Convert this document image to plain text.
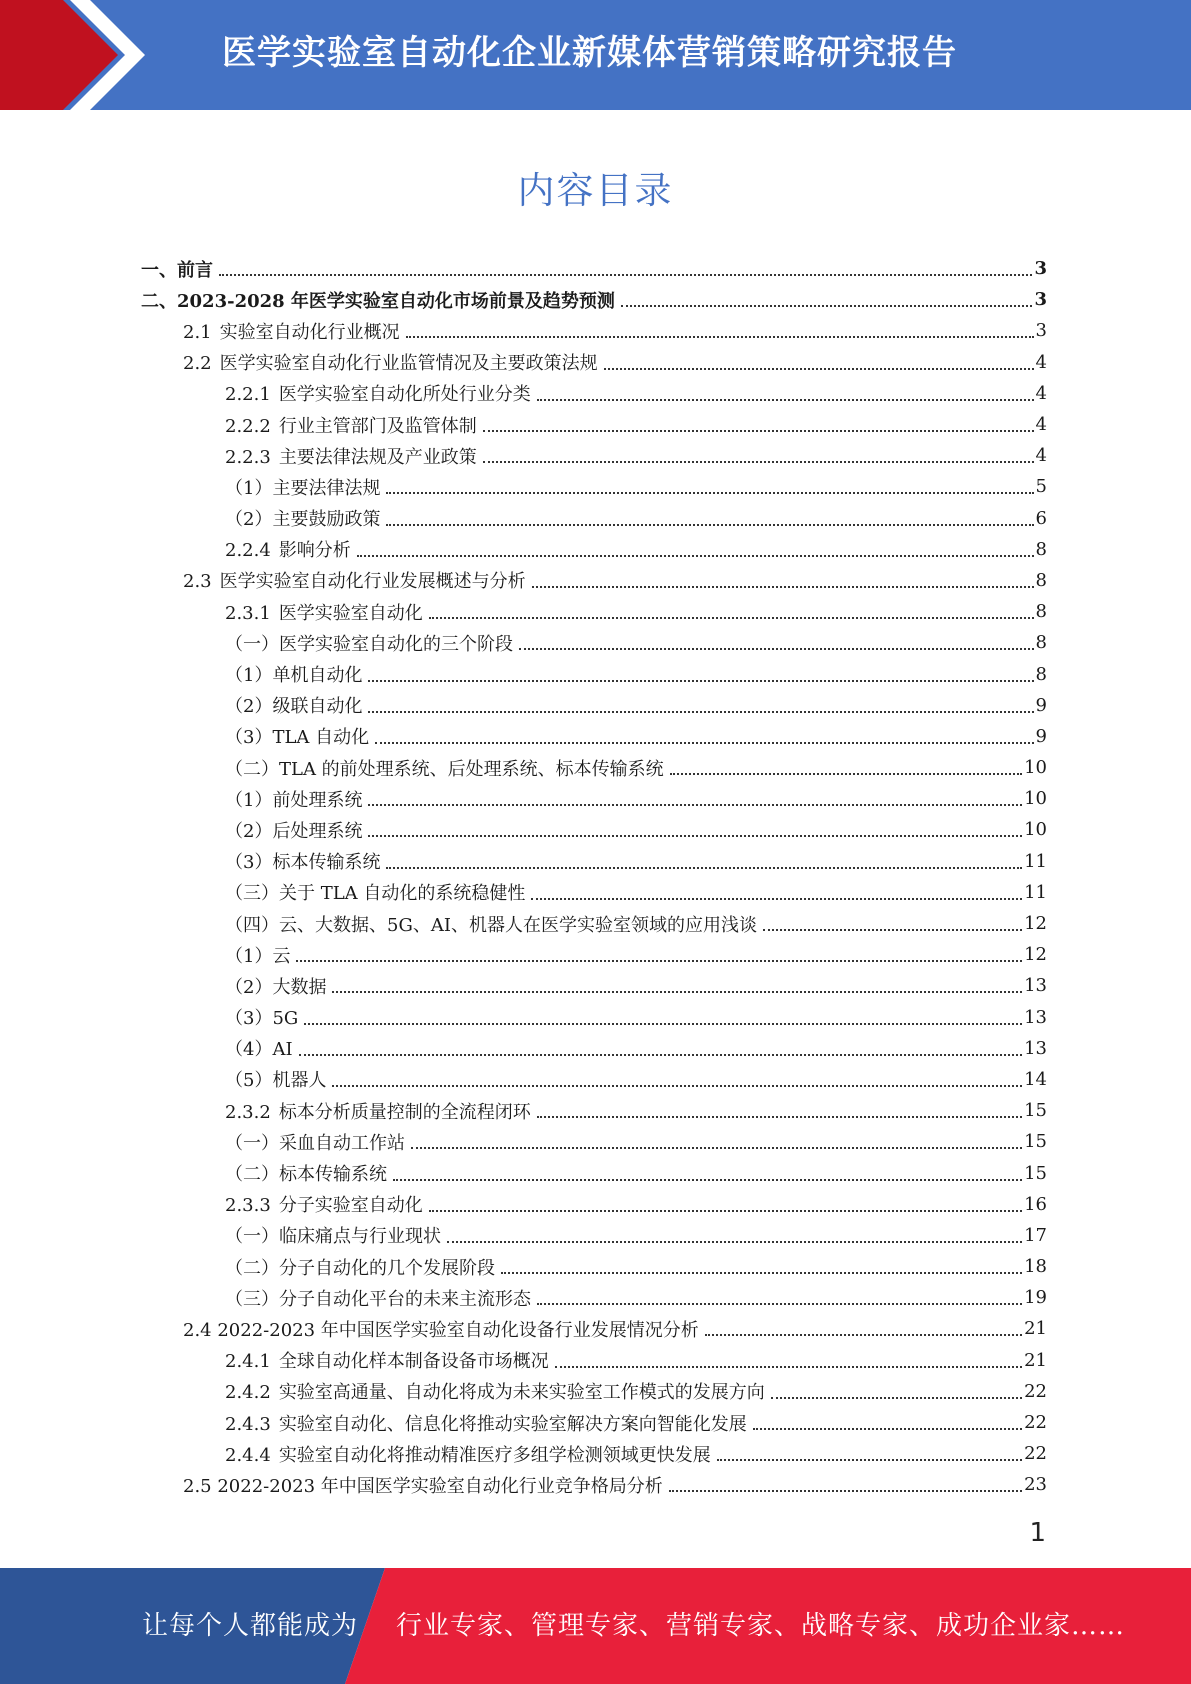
医学实验室自动化企业新媒体营销策略研究报告
内容目录
一、前言	3
二、2023-2028 年医学实验室自动化市场前景及趋势预测	3
2.1 实验室自动化行业概况	3
2.2 医学实验室自动化行业监管情况及主要政策法规	4
2.2.1 医学实验室自动化所处行业分类	4
2.2.2 行业主管部门及监管体制	4
2.2.3 主要法律法规及产业政策	4
（1）主要法律法规	5
（2）主要鼓励政策	6
2.2.4 影响分析	8
2.3 医学实验室自动化行业发展概述与分析	8
2.3.1 医学实验室自动化	8
（一）医学实验室自动化的三个阶段	8
（1）单机自动化	8
（2）级联自动化	9
（3）TLA 自动化	9
（二）TLA 的前处理系统、后处理系统、标本传输系统	10
（1）前处理系统	10
（2）后处理系统	10
（3）标本传输系统	11
（三）关于 TLA 自动化的系统稳健性	11
（四）云、大数据、5G、AI、机器人在医学实验室领域的应用浅谈	12
（1）云	12
（2）大数据	13
（3）5G	13
（4）AI	13
（5）机器人	14
2.3.2 标本分析质量控制的全流程闭环	15
（一）采血自动工作站	15
（二）标本传输系统	15
2.3.3 分子实验室自动化	16
（一）临床痛点与行业现状	17
（二）分子自动化的几个发展阶段	18
（三）分子自动化平台的未来主流形态	19
2.4 2022-2023 年中国医学实验室自动化设备行业发展情况分析	21
2.4.1 全球自动化样本制备设备市场概况	21
2.4.2 实验室高通量、自动化将成为未来实验室工作模式的发展方向	22
2.4.3 实验室自动化、信息化将推动实验室解决方案向智能化发展	22
2.4.4 实验室自动化将推动精准医疗多组学检测领域更快发展	22
2.5 2022-2023 年中国医学实验室自动化行业竞争格局分析	23
1
让每个人都能成为 行业专家、管理专家、营销专家、战略专家、成功企业家……
